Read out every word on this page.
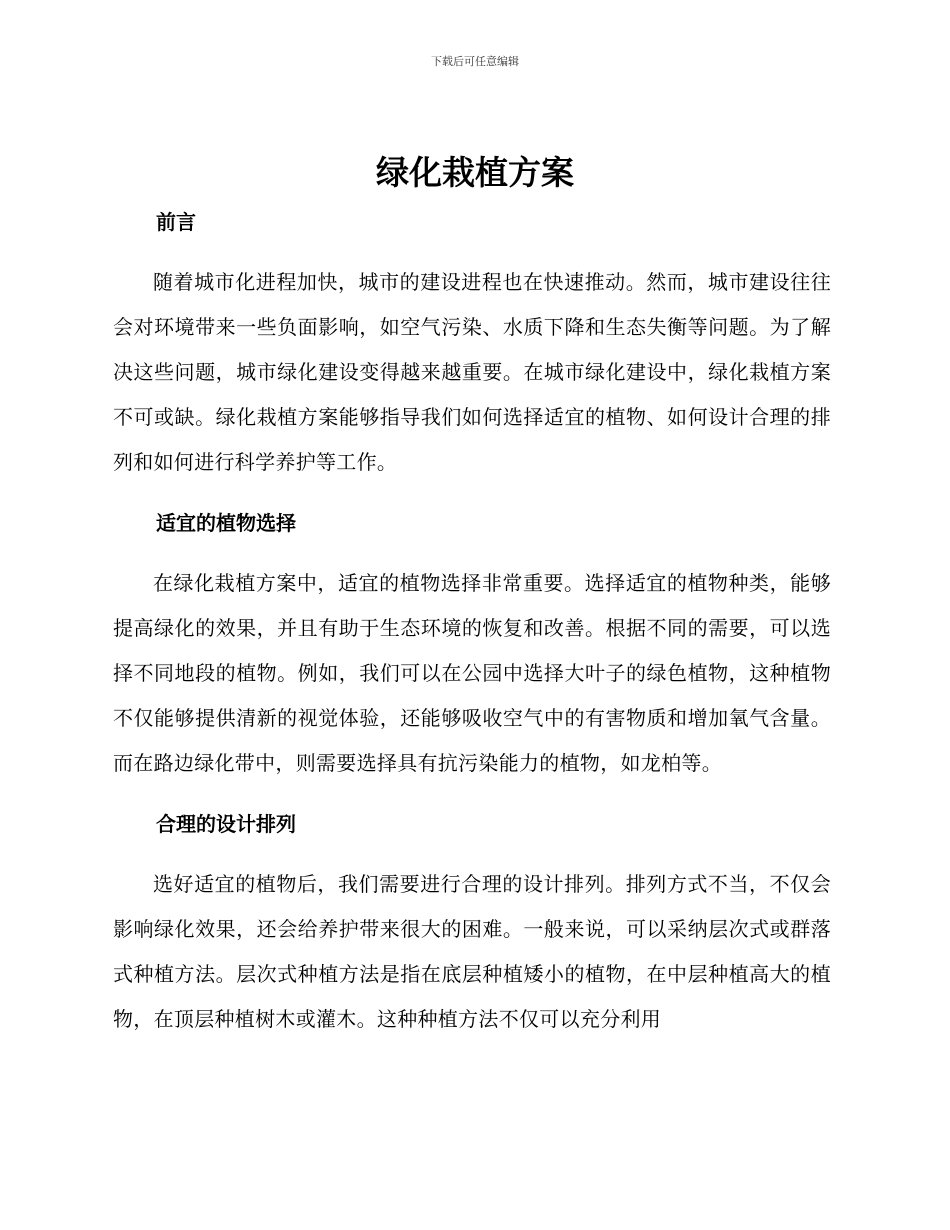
下载后可任意编辑
绿化栽植方案
前言

随着城市化进程加快，城市的建设进程也在快速推动。然而，城市建设往往会对环境带来一些负面影响，如空气污染、水质下降和生态失衡等问题。为了解决这些问题，城市绿化建设变得越来越重要。在城市绿化建设中，绿化栽植方案不可或缺。绿化栽植方案能够指导我们如何选择适宜的植物、如何设计合理的排列和如何进行科学养护等工作。

适宜的植物选择

在绿化栽植方案中，适宜的植物选择非常重要。选择适宜的植物种类，能够提高绿化的效果，并且有助于生态环境的恢复和改善。根据不同的需要，可以选择不同地段的植物。例如，我们可以在公园中选择大叶子的绿色植物，这种植物不仅能够提供清新的视觉体验，还能够吸收空气中的有害物质和增加氧气含量。而在路边绿化带中，则需要选择具有抗污染能力的植物，如龙柏等。

合理的设计排列

选好适宜的植物后，我们需要进行合理的设计排列。排列方式不当，不仅会影响绿化效果，还会给养护带来很大的困难。一般来说，可以采纳层次式或群落式种植方法。层次式种植方法是指在底层种植矮小的植物，在中层种植高大的植物，在顶层种植树木或灌木。这种种植方法不仅可以充分利用
